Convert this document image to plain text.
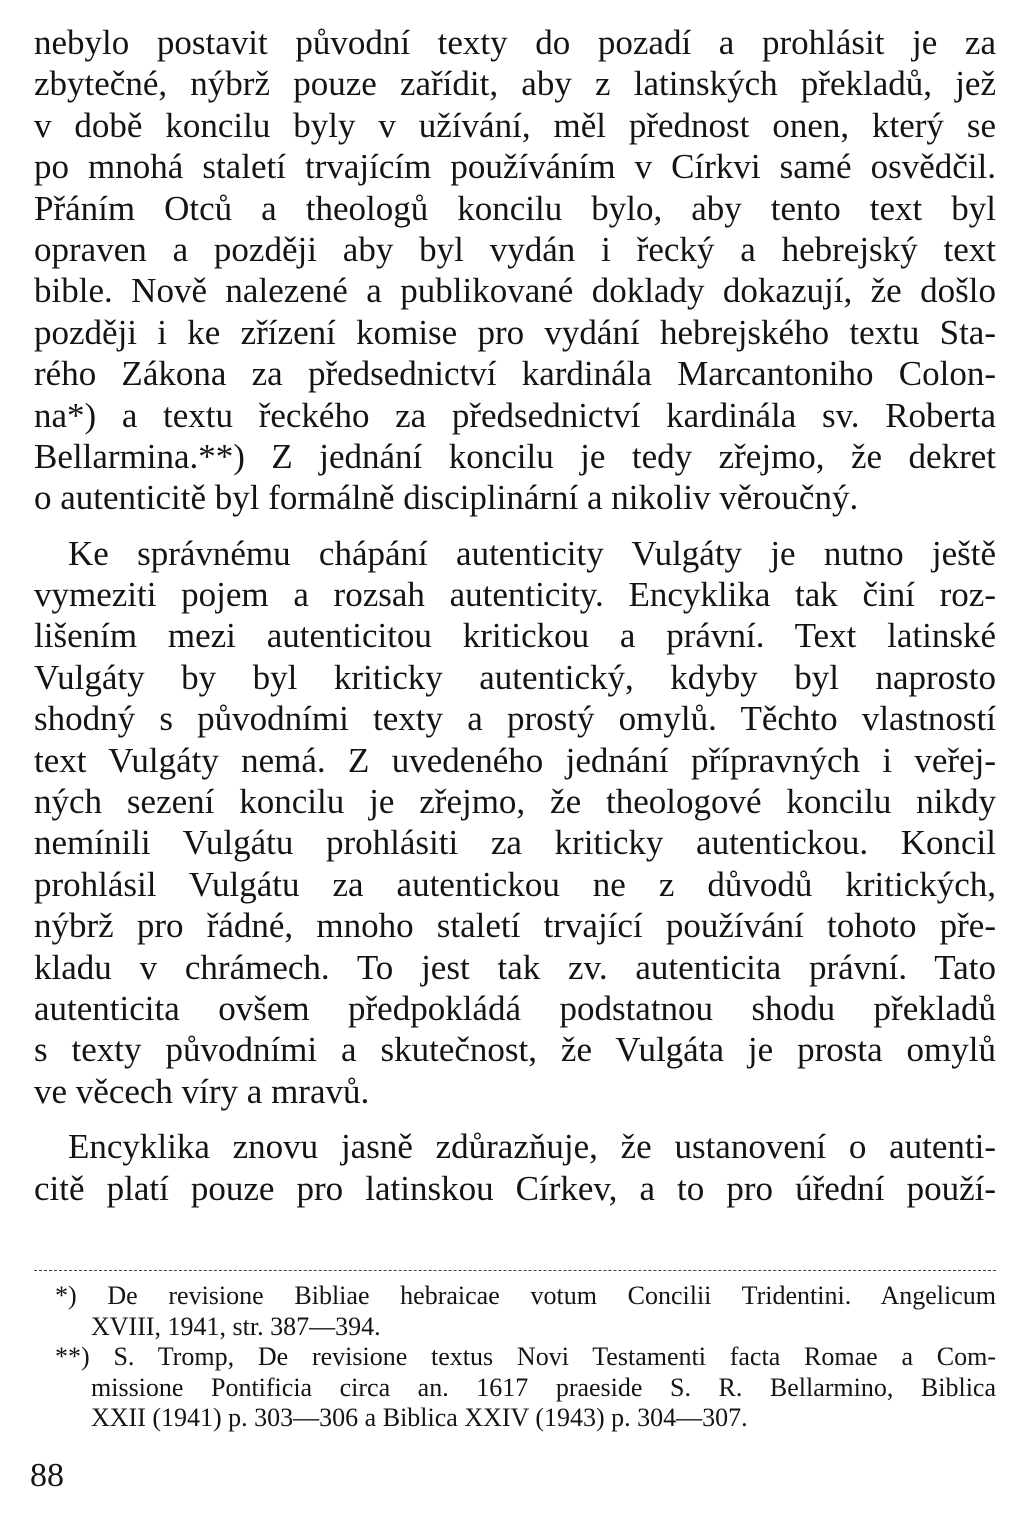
nebylo postavit původní texty do pozadí a prohlásit je za
zbytečné, nýbrž pouze zařídit, aby z latinských překladů, jež
v době koncilu byly v užívání, měl přednost onen, který se
po mnohá staletí trvajícím používáním v Církvi samé osvědčil.
Přáním Otců a theologů koncilu bylo, aby tento text byl
opraven a později aby byl vydán i řecký a hebrejský text
bible. Nově nalezené a publikované doklady dokazují, že došlo
později i ke zřízení komise pro vydání hebrejského textu Sta-
rého Zákona za předsednictví kardinála Marcantoniho Colon-
na*) a textu řeckého za předsednictví kardinála sv. Roberta
Bellarmina.**) Z jednání koncilu je tedy zřejmo, že dekret
o autenticitě byl formálně disciplinární a nikoliv věroučný.
Ke správnému chápání autenticity Vulgáty je nutno ještě
vymeziti pojem a rozsah autenticity. Encyklika tak činí roz-
lišením mezi autenticitou kritickou a právní. Text latinské
Vulgáty by byl kriticky autentický, kdyby byl naprosto
shodný s původními texty a prostý omylů. Těchto vlastností
text Vulgáty nemá. Z uvedeného jednání přípravných i veřej-
ných sezení koncilu je zřejmo, že theologové koncilu nikdy
nemínili Vulgátu prohlásiti za kriticky autentickou. Koncil
prohlásil Vulgátu za autentickou ne z důvodů kritických,
nýbrž pro řádné, mnoho staletí trvající používání tohoto pře-
kladu v chrámech. To jest tak zv. autenticita právní. Tato
autenticita ovšem předpokládá podstatnou shodu překladů
s texty původními a skutečnost, že Vulgáta je prosta omylů
ve věcech víry a mravů.
Encyklika znovu jasně zdůrazňuje, že ustanovení o autenti-
citě platí pouze pro latinskou Církev, a to pro úřední použí-
*) De revisione Bibliae hebraicae votum Concilii Tridentini. Angelicum
XVIII, 1941, str. 387—394.
**) S. Tromp, De revisione textus Novi Testamenti facta Romae a Com-
missione Pontificia circa an. 1617 praeside S. R. Bellarmino, Biblica
XXII (1941) p. 303—306 a Biblica XXIV (1943) p. 304—307.
88
